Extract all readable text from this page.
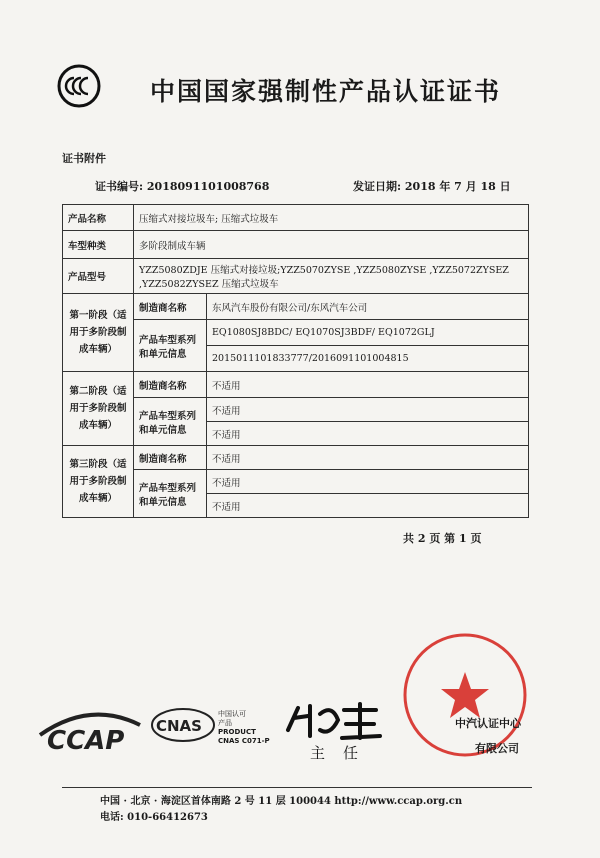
中国国家强制性产品认证证书
证书附件
证书编号: 2018091101008768	发证日期: 2018 年 7 月 18 日
产品名称	压缩式对接垃圾车; 压缩式垃圾车	
车型种类	多阶段制成车辆	
产品型号	YZZ5080ZDJE 压缩式对接垃圾;YZZ5070ZYSE ,YZZ5080ZYSE ,YZZ5072ZYSEZ ,YZZ5082ZYSEZ 压缩式垃圾车	
第一阶段（适用于多阶段制成车辆）	制造商名称	东风汽车股份有限公司/东风汽车公司
	产品车型系列和单元信息	EQ1080SJ8BDC/ EQ1070SJ3BDF/ EQ1072GLJ
		2015011101833777/2016091101004815
第二阶段（适用于多阶段制成车辆）	制造商名称	不适用
	产品车型系列和单元信息	不适用
		不适用
第三阶段（适用于多阶段制成车辆）	制造商名称	不适用
	产品车型系列和单元信息	不适用
		不适用
共 2 页 第 1 页
CCAP CNAS
中国认可
产品
PRODUCT
CNAS C071-P
主任
中汽认证中心
有限公司
中国 · 北京 · 海淀区首体南路 2 号 11 层 100044 http://www.ccap.org.cn
电话: 010-66412673
